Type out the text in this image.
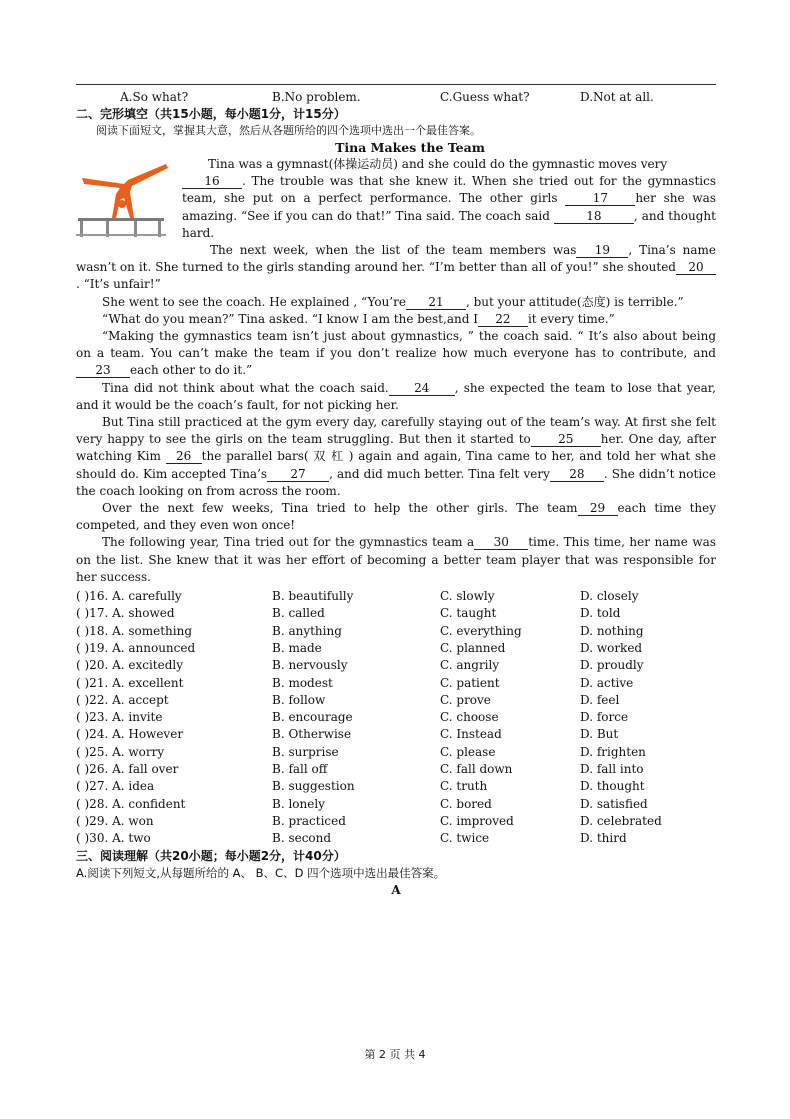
A.So what?	B.No problem.	C.Guess what?	D.Not at all.
二、完形填空（共15小题，每小题1分，计15分）
阅读下面短文，掌握其大意，然后从各题所给的四个选项中选出一个最佳答案。
Tina Makes the Team

Tina was a gymnast(体操运动员) and she could do the gymnastic moves very
16 . The trouble was that she knew it. When she tried out for the gymnastics team, she put on a perfect performance. The other girls	17 her she was amazing. “See if you can do that!” Tina said. The coach said	18	, and thought hard.

The next week, when the list of the team members was 19 , Tina’s name wasn’t on it. She turned to the girls standing around her. “I’m better than all of you!” she shouted 20. “It’s unfair!”

She went to see the coach. He explained , “You’re 21 , but your attitude(态度) is terrible.”

“What do you mean?” Tina asked. “I know I am the best,and I 22 it every time.”

“Making the gymnastics team isn’t just about gymnastics, ” the coach said. “ It’s also about being on a team. You can’t make the team if you don’t realize how much everyone has to contribute, and23 each other to do it.”

Tina did not think about what the coach said. 24 , she expected the team to lose that year, and it would be the coach’s fault, for not picking her.

But Tina still practiced at the gym every day, carefully staying out of the team’s way. At first she felt very happy to see the girls on the team struggling. But then it started to 25 her. One day, after watching Kim 26 the parallel bars( 双 杠 ) again and again, Tina came to her, and told her what she should do. Kim accepted Tina’s 27 , and did much better. Tina felt very 28 . She didn’t notice the coach looking on from across the room.

Over the next few weeks, Tina tried to help the other girls. The team 29 each time they competed, and they even won once!

The following year, Tina tried out for the gymnastics team a 30 time. This time, her name was on the list. She knew that it was her effort of becoming a better team player that was responsible for her success.

( )16. A. carefully	B. beautifully	C. slowly	D. closely
( )17. A. showed	B. called	C. taught	D. told
( )18. A. something	B. anything	C. everything	D. nothing
( )19. A. announced	B. made	C. planned	D. worked
( )20. A. excitedly	B. nervously	C. angrily	D. proudly
( )21. A. excellent	B. modest	C. patient	D. active
( )22. A. accept	B. follow	C. prove	D. feel
( )23. A. invite	B. encourage	C. choose	D. force
( )24. A. However	B. Otherwise	C. Instead	D. But
( )25. A. worry	B. surprise	C. please	D. frighten
( )26. A. fall over	B. fall off	C. fall down	D. fall into
( )27. A. idea	B. suggestion	C. truth	D. thought
( )28. A. confident	B. lonely	C. bored	D. satisfied
( )29. A. won	B. practiced	C. improved	D. celebrated
( )30. A. two	B. second	C. twice	D. third
三、阅读理解（共20小题；每小题2分，计40分）
A.阅读下列短文,从每题所给的 A、 B、C、D 四个选项中选出最佳答案。
A
第 2 页 共 4
